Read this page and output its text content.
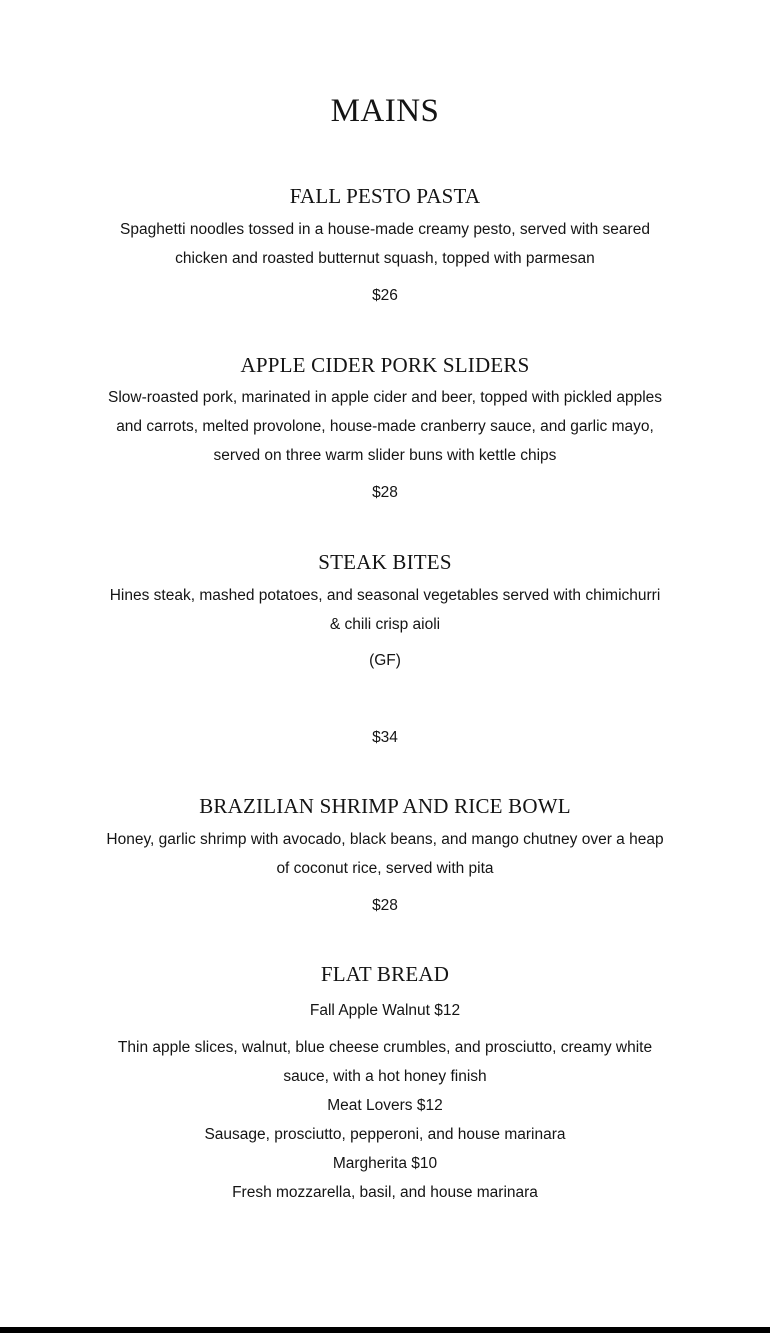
MAINS
FALL PESTO PASTA

Spaghetti noodles tossed in a house-made creamy pesto, served with seared chicken and roasted butternut squash, topped with parmesan

$26

APPLE CIDER PORK SLIDERS

Slow-roasted pork, marinated in apple cider and beer, topped with pickled apples and carrots, melted provolone, house-made cranberry sauce, and garlic mayo, served on three warm slider buns with kettle chips

$28

STEAK BITES

Hines steak, mashed potatoes, and seasonal vegetables served with chimichurri & chili crisp aioli

(GF)

$34

BRAZILIAN SHRIMP AND RICE BOWL

Honey, garlic shrimp with avocado, black beans, and mango chutney over a heap of coconut rice, served with pita

$28

FLAT BREAD

Fall Apple Walnut $12

Thin apple slices, walnut, blue cheese crumbles, and prosciutto, creamy white sauce, with a hot honey finish

Meat Lovers $12

Sausage, prosciutto, pepperoni, and house marinara

Margherita $10

Fresh mozzarella, basil, and house marinara
